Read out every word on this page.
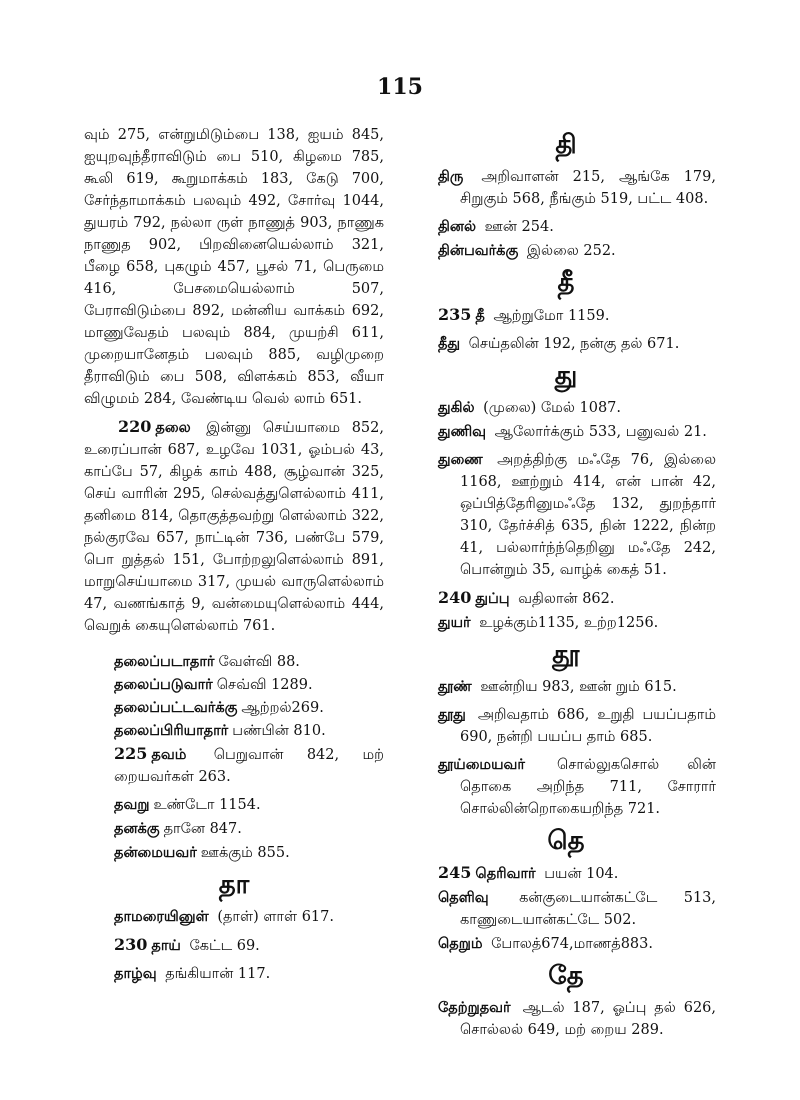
115

வும் 275, என்றுமிடும்பை 138, ஐயம் 845, ஐயுறவுந்தீராவிடும் பை 510, கிழமை 785, கூலி 619, கூறுமாக்கம் 183, கேடு 700, சேர்ந்தாமாக்கம் பலவும் 492, சோர்வு 1044, துயரம் 792, நல்லா ருள் நாணுத் 903, நாணுக நாணுத 902, பிறவினையெல்லாம் 321, பீழை 658, புகழும் 457, பூசல் 71, பெருமை 416, பேசமையெல்லாம் 507, பேராவிடும்பை 892, மன்னிய வாக்கம் 692, மாணுவேதம் பலவும் 884, முயற்சி 611, முறையானேதம் பலவும் 885, வழிமுறை தீராவிடும் பை 508, விளக்கம் 853, வீயா விழுமம் 284, வேண்டிய வெல் லாம் 651.

220 தலை இன்னு செய்யாமை 852, உரைப்பான் 687, உழவே 1031, ஓம்பல் 43, காப்பே 57, கிழக் காம் 488, சூழ்வான் 325, செய் வாரின் 295, செல்வத்துளெல்லாம் 411, தனிமை 814, தொகுத்தவற்று ளெல்லாம் 322, நல்குரவே 657, நாட்டின் 736, பண்பே 579, பொ றுத்தல் 151, போற்றலுளெல்லாம் 891, மாறுசெய்யாமை 317, முயல் வாருளெல்லாம் 47, வணங்காத் 9, வன்மையுளெல்லாம் 444, வெறுக் கையுளெல்லாம் 761.

தலைப்படாதார் வேள்வி 88.

தலைப்படுவார் செவ்வி 1289.

தலைப்பட்டவர்க்கு ஆற்றல்269.

தலைப்பிரியாதார் பண்பின் 810.

225 தவம் பெறுவான் 842, மற் றையவர்கள் 263.

தவறு உண்டோ 1154.

தனக்கு தானே 847.

தன்மையவர் ஊக்கும் 855.

தா

தாமரையினுள் (தாள்) ளாள் 617.

230 தாய் கேட்ட 69.

தாழ்வு தங்கியான் 117.

தி

திரு அறிவாளன் 215, ஆங்கே 179, சிறுகும் 568, நீங்கும் 519, பட்ட 408.

தினல் ஊன் 254.

தின்பவர்க்கு இல்லை 252.

தீ

235 தீ ஆற்றுமோ 1159.

தீது செய்தலின் 192, நன்கு தல் 671.

து

துகில் (முலை) மேல் 1087.

துணிவு ஆலோர்க்கும் 533, பனுவல் 21.

துணை அறத்திற்கு மஃதே 76, இல்லை 1168, ஊற்றும் 414, என் பான் 42, ஒப்பித்தேரினுமஃதே 132, துறந்தார் 310, தேர்ச்சித் 635, நின் 1222, நின்ற 41, பல்லார்ந்ந்தெறினு மஃதே 242, பொன்றும் 35, வாழ்க் கைத் 51.

240 துப்பு வதிலான் 862.

துயர் உழக்கும்1135, உற்ற1256.

தூ

தூண் ஊன்றிய 983, ஊன் றும் 615.

தூது அறிவதாம் 686, உறுதி பயப்பதாம் 690, நன்றி பயப்ப தாம் 685.

தூய்மையவர் சொல்லுகசொல் லின் தொகை அறிந்த 711, சோரார் சொல்லின்றொகையறிந்த 721.

தெ

245 தெரிவார் பயன் 104.

தெளிவு கன்குடையான்கட்டே 513, காணுடையான்கட்டே 502.

தெறும் போலத்674,மாணத்883.

தே

தேற்றுதவர் ஆடல் 187, ஓப்பு தல் 626, சொல்லல் 649, மற் றைய 289.
